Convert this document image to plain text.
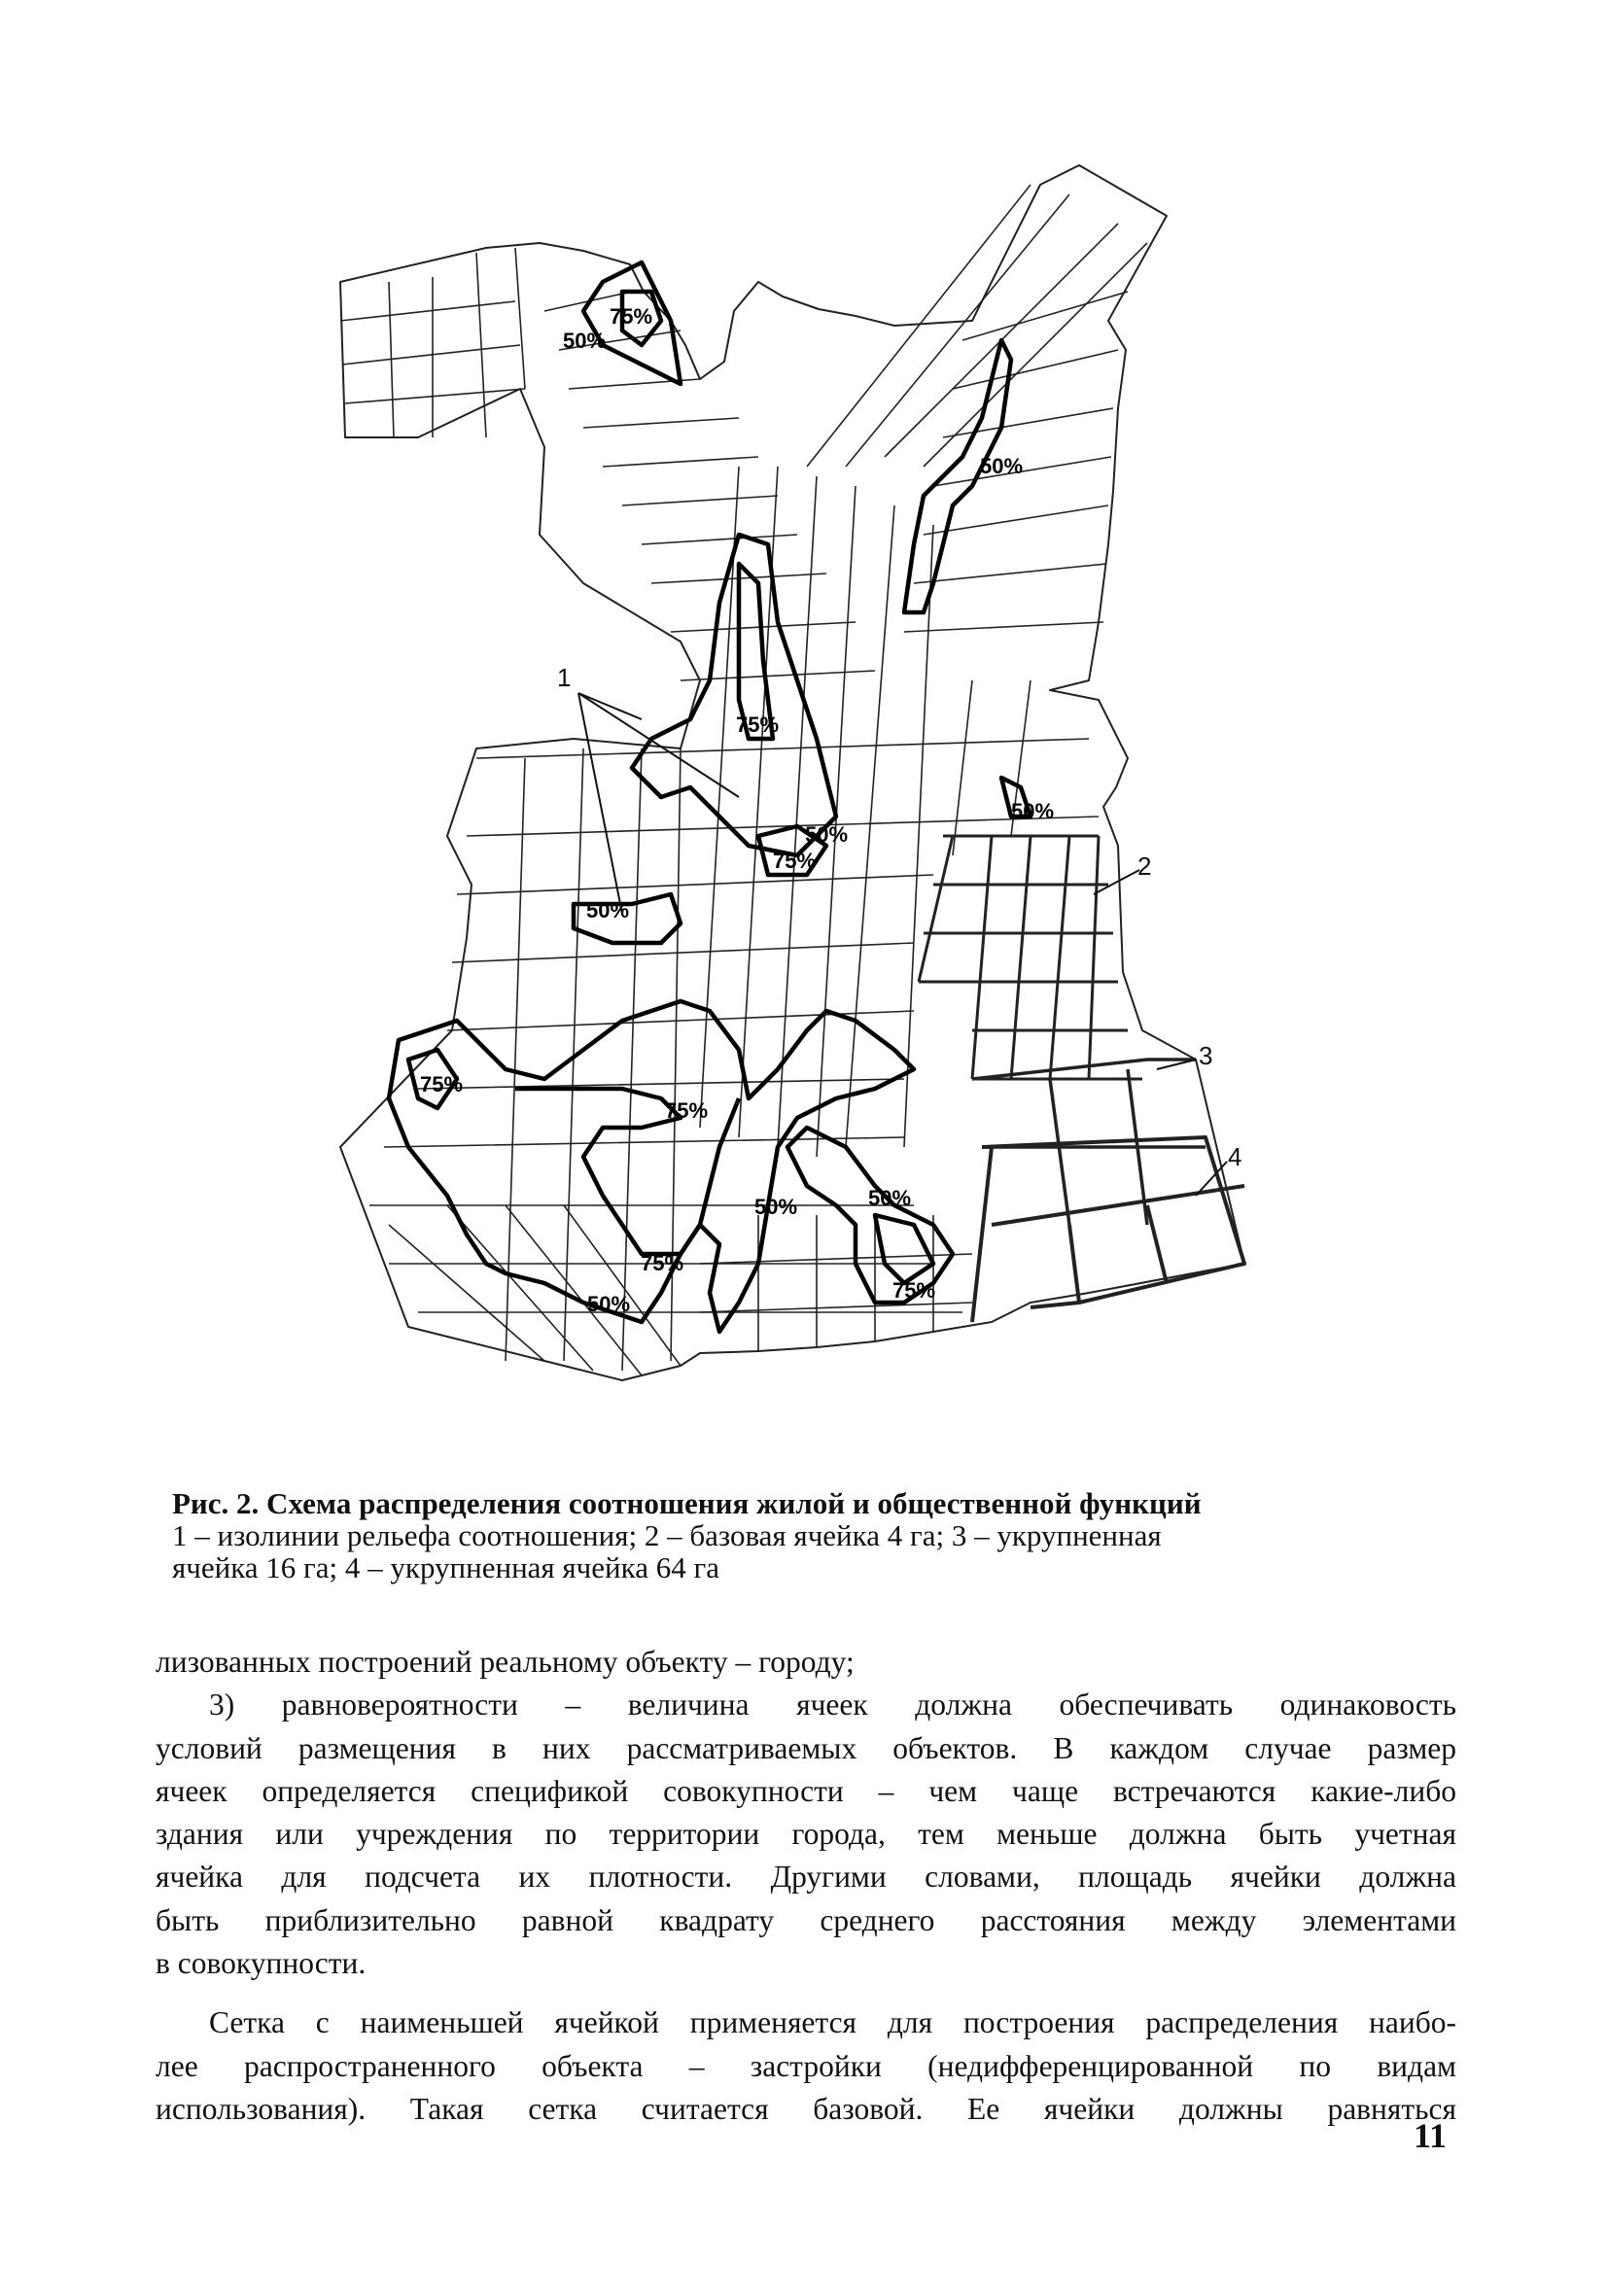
75%
50%
50%
75%
50%
50%
75%
50%
75%
75%
50%	50%
75%
50%
75%
1
2
3
4
Рис. 2. Схема распределения соотношения жилой и общественной функций
1 – изолинии рельефа соотношения; 2 – базовая ячейка 4 га; 3 – укрупненная
ячейка 16 га; 4 – укрупненная ячейка 64 га

лизованных построений реальному объекту – городу;

3) равновероятности – величина ячеек должна обеспечивать одинаковость

условий размещения в них рассматриваемых объектов. В каждом случае размер

ячеек определяется спецификой совокупности – чем чаще встречаются какие-либо

здания или учреждения по территории города, тем меньше должна быть учетная

ячейка для подсчета их плотности. Другими словами, площадь ячейки должна

быть приблизительно равной квадрату среднего расстояния между элементами

в совокупности.

Сетка с наименьшей ячейкой применяется для построения распределения наибо-

лее распространенного объекта – застройки (недифференцированной по видам

использования). Такая сетка считается базовой. Ее ячейки должны равняться

11
